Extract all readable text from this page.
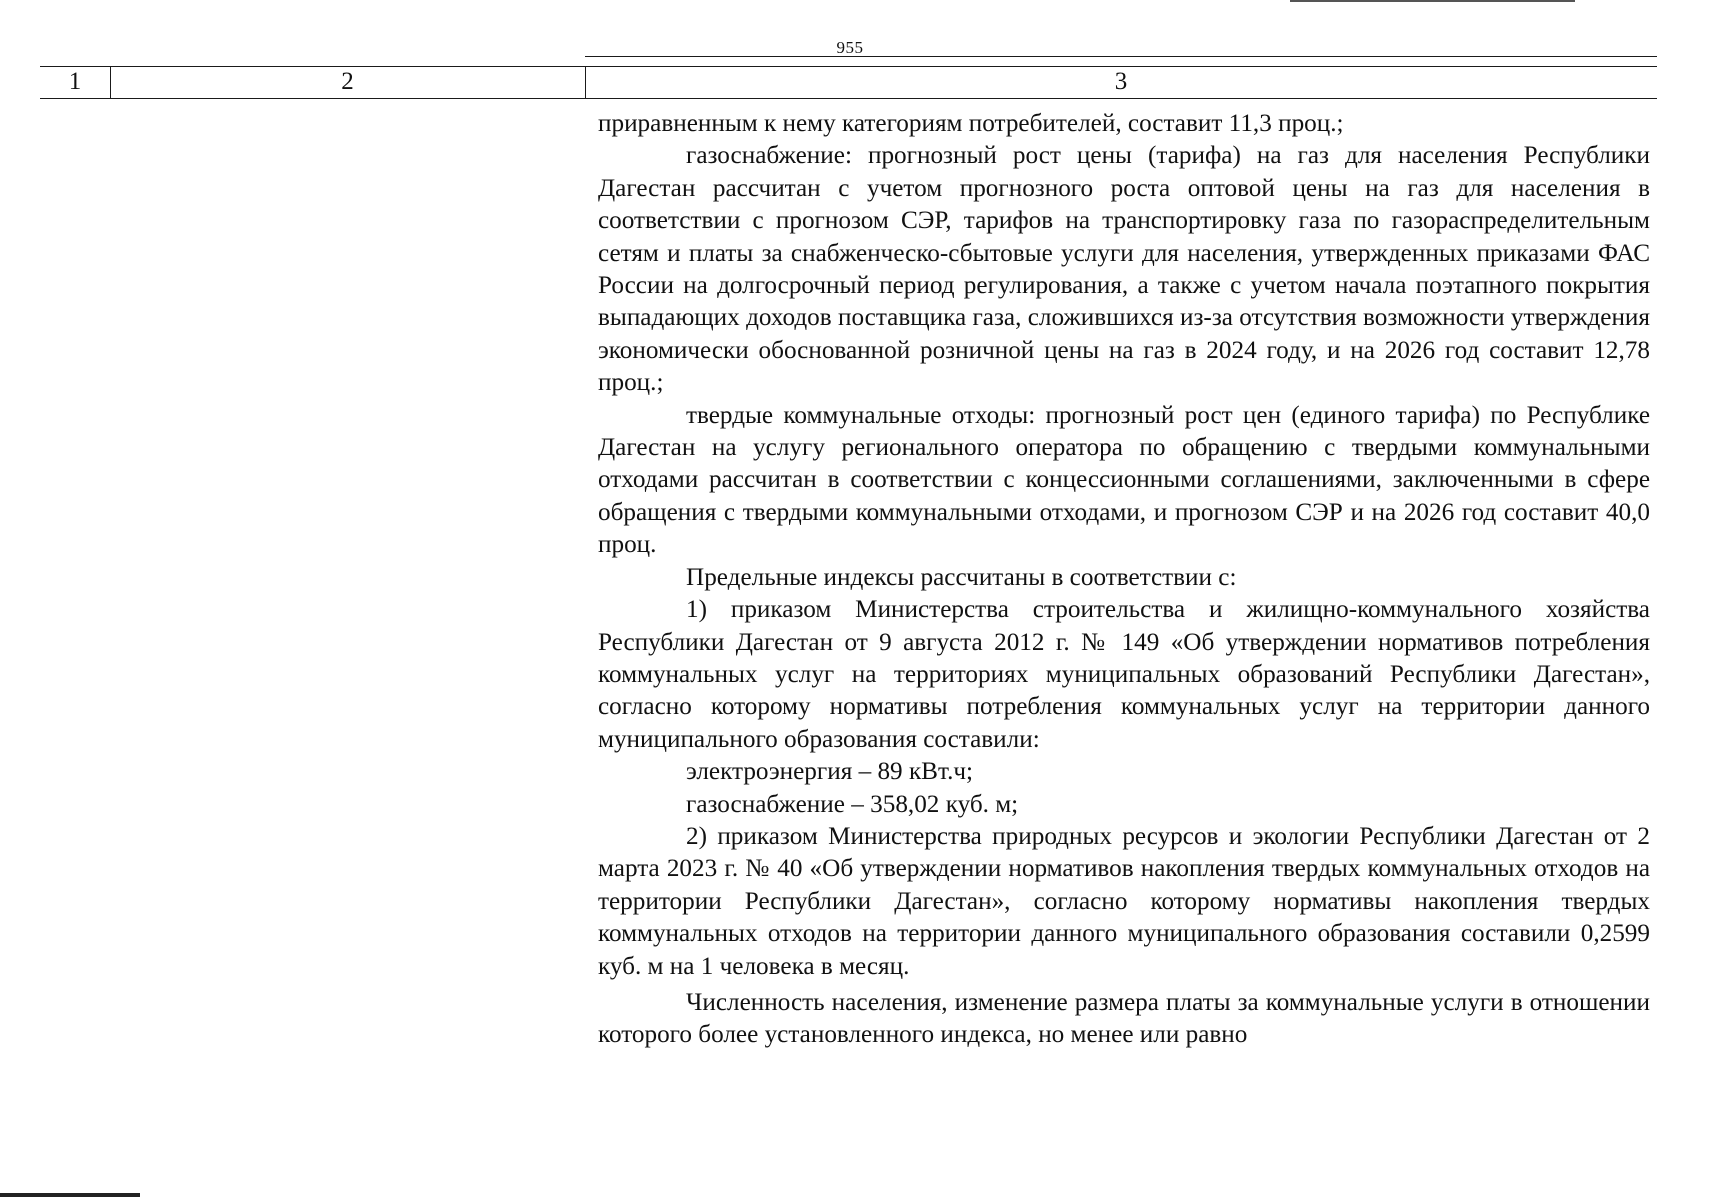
955
1	2	3

приравненным к нему категориям потребителей, составит 11,3 проц.;

газоснабжение: прогнозный рост цены (тарифа) на газ для населения Республики Дагестан рассчитан с учетом прогнозного роста оптовой цены на газ для населения в соответствии с прогнозом СЭР, тарифов на транспортировку газа по газораспределительным сетям и платы за снабженческо-сбытовые услуги для населения, утвержденных приказами ФАС России на долгосрочный период регулирования, а также с учетом начала поэтапного покрытия выпадающих доходов поставщика газа, сложившихся из-за отсутствия возможности утверждения экономически обоснованной розничной цены на газ в 2024 году, и на 2026 год составит 12,78 проц.;

твердые коммунальные отходы: прогнозный рост цен (единого тарифа) по Республике Дагестан на услугу регионального оператора по обращению с твердыми коммунальными отходами рассчитан в соответствии с концессионными соглашениями, заключенными в сфере обращения с твердыми коммунальными отходами, и прогнозом СЭР и на 2026 год составит 40,0 проц.

Предельные индексы рассчитаны в соответствии с:

1) приказом Министерства строительства и жилищно-коммунального хозяйства Республики Дагестан от 9 августа 2012 г. № 149 «Об утверждении нормативов потребления коммунальных услуг на территориях муниципальных образований Республики Дагестан», согласно которому нормативы потребления коммунальных услуг на территории данного муниципального образования составили:

электроэнергия – 89 кВт.ч;

газоснабжение – 358,02 куб. м;

2) приказом Министерства природных ресурсов и экологии Республики Дагестан от 2 марта 2023 г. № 40 «Об утверждении нормативов накопления твердых коммунальных отходов на территории Республики Дагестан», согласно которому нормативы накопления твердых коммунальных отходов на территории данного муниципального образования составили 0,2599 куб. м на 1 человека в месяц.

Численность населения, изменение размера платы за коммунальные услуги в отношении которого более установленного индекса, но менее или равно
